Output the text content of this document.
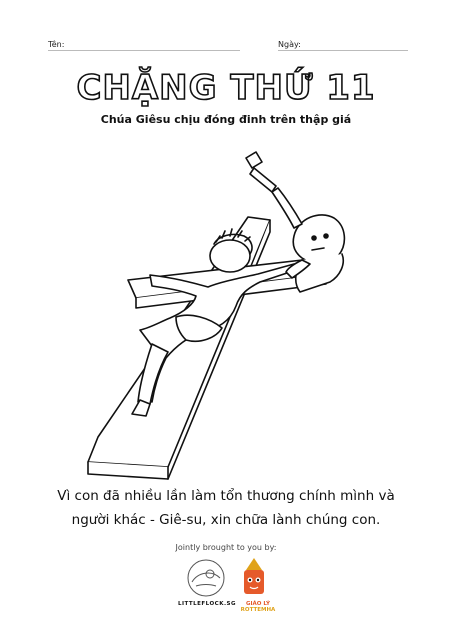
Tên:	Ngày:
CHẶNG THỨ 11
Chúa Giêsu chịu đóng đinh trên thập giá
Vì con đã nhiều lần làm tổn thương chính mình và
người khác - Giê-su, xin chữa lành chúng con.
Jointly brought to you by:
LITTLEFLOCK.SG	GIÁO LÝ ROTTEMHA
